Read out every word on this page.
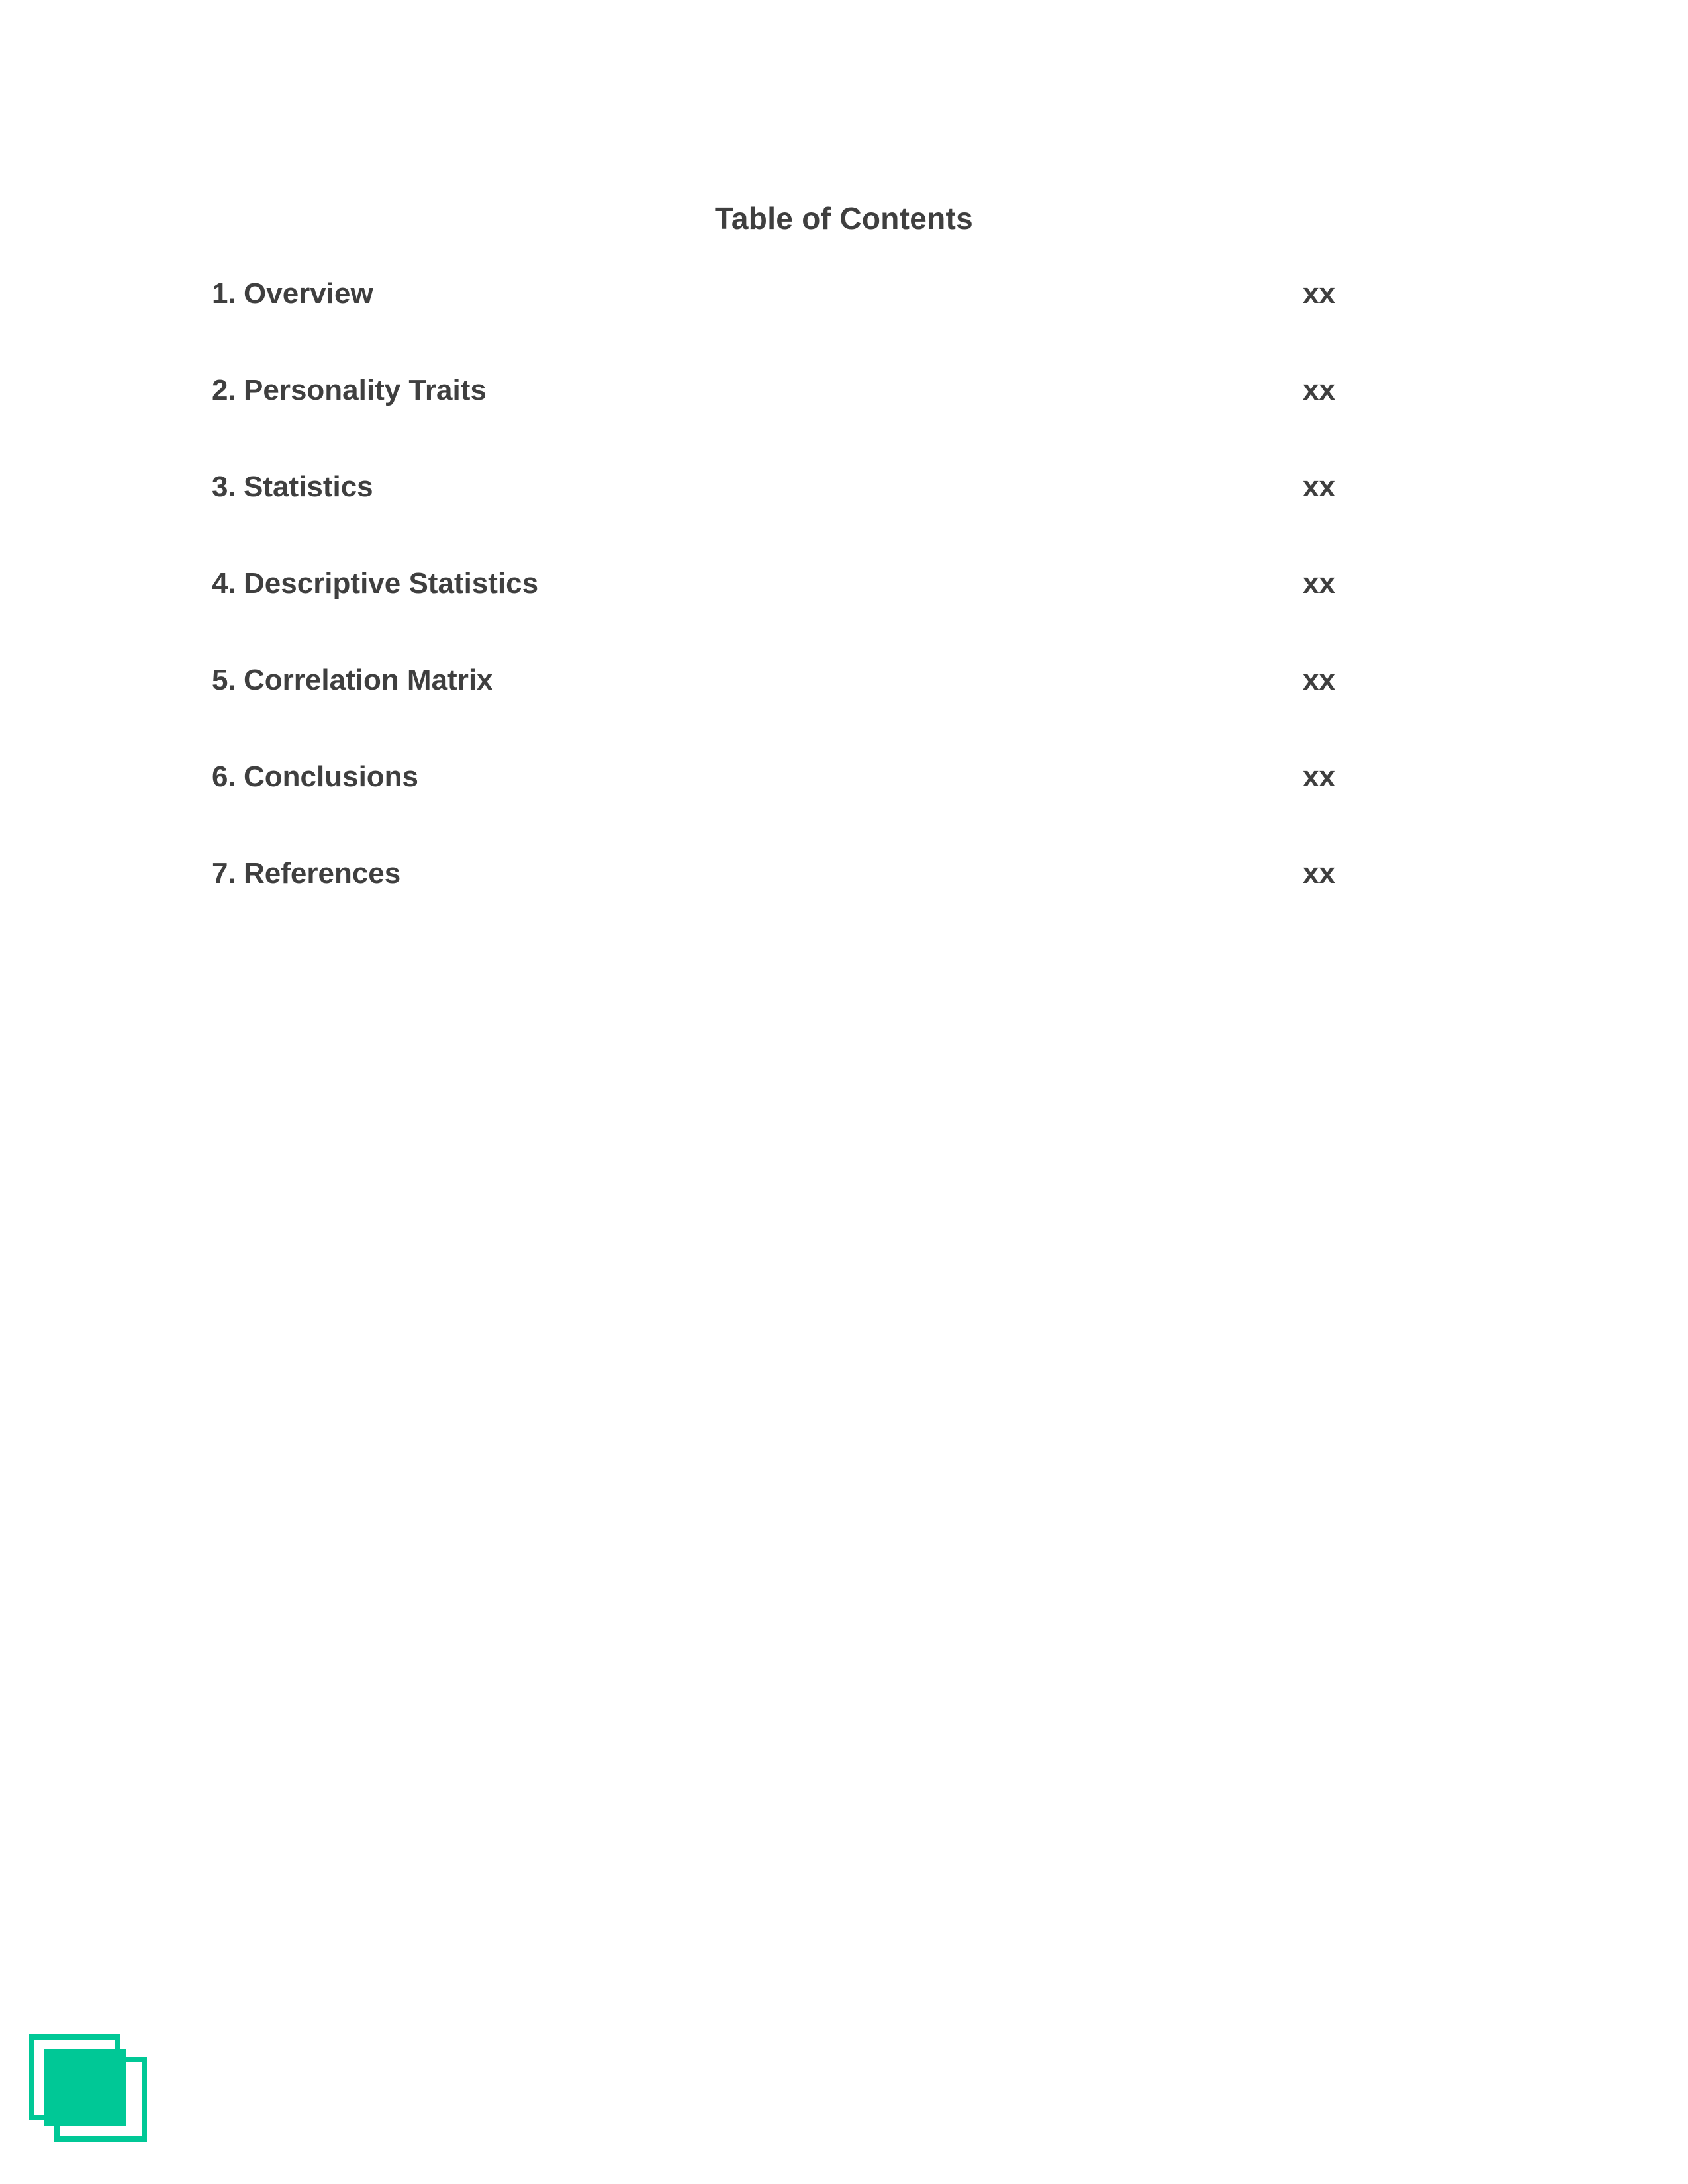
Table of Contents
1. Overview	xx
2. Personality Traits	xx
3. Statistics	xx
4. Descriptive Statistics	xx
5. Correlation Matrix	xx
6. Conclusions	xx
7. References	xx
